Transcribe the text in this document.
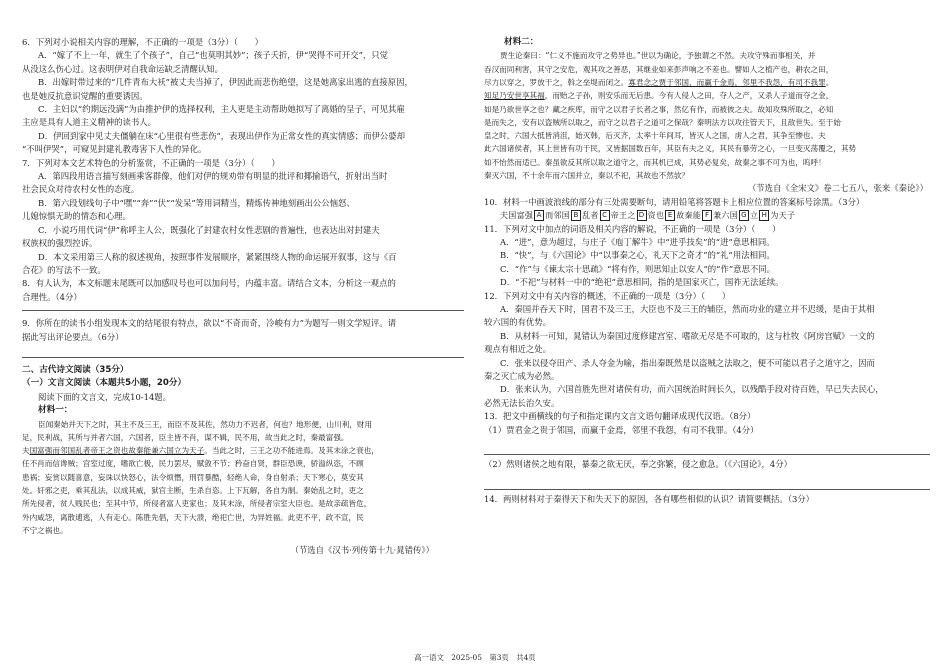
6．下列对小说相关内容的理解，不正确的一项是（3分）（　　）

A．“嫁了不上一年，就生了个孩子”，自己“也莫明其妙”；孩子夭折，伊“哭得不可开交”，只觉

从没这么伤心过。这表明伊对自我命运缺乏清醒认知。

B．出嫁时带过来的“几件青布大袄”被丈夫当掉了，伊因此而悲伤绝望，这是她离家出逃的直接原因，

也是她反抗意识觉醒的重要诱因。

C．主妇以“约期远没满”为由推护伊的选择权利，主人更是主动帮助她拟写了离婚的呈子，可见其雇

主应是具有人道主义精神的读书人。

D．伊回到家中见丈夫僵躺在床“心里很有些悲伤”，表现出伊作为正常女性的真实情感；而伊公婆却

“不叫伊哭”，可窥见封建礼教毒害下人性的异化。

7．下列对本文艺术特色的分析鉴赏，不正确的一项是（3分）（　　）

A．第四段用语言描写刻画乘客群像，他们对伊的规劝带有明显的批评和揶揄语气，折射出当时

社会民众对待农村女性的态度。

B．第六段划线句子中“嘿”“奔”“伏”“发呆”等用词精当，精炼传神地刻画出公公恼怒、

儿媳惊惧无助的情态和心理。

C．小说巧用代词“伊”称呼主人公，既强化了封建农村女性悲剧的普遍性，也表达出对封建夫

权族权的强烈控诉。

D．本文采用第三人称的叙述视角，按照事件发展顺序，紧紧围绕人物的命运展开叙事，这与《百

合花》的写法不一致。

8．有人认为，本文标题末尾既可以加感叹号也可以加问号，内蕴丰富。请结合文本，分析这一观点的

合理性。（4分）

9．你所在的读书小组发现本文的结尾很有特点，欲以“不奇而奇，冷峻有力”为题写一则文学短评。请

据此写出评论要点。（6分）

二、古代诗文阅读（35分）

（一）文言文阅读（本题共5小题，20分）

阅读下面的文言文，完成10-14题。

材料一：

臣闻秦始并天下之时，其主不及三王，而臣不及其佐，然功力不迟者，何也？地形便，山川利，财用

足，民利战，其所与并者六国，六国者，臣主皆不肖，谋不辑，民不用，故当此之时，秦最富强。

夫国富强而邻国乱者帝王之资也故秦能兼六国立为天子。当此之时，三王之功不能进焉。及其末涂之衰也，

任不肖而信谗贼；宫室过度，嗜欲亡极，民力罢尽，赋敛不节；矜奋自贤，群臣恐谀，骄溢纵恣，不顾

患祸；妄赏以随喜意，妄诛以快怒心，法令烦憯，刑罚暴酷，轻绝人命，身自射杀；天下寒心，莫安其

处。奸邪之吏，乘其乱法，以成其威，狱官主断，生杀自恣。上下瓦解，各自为制。秦始乱之时，吏之

所先侵者，贫人贱民也；至其中节，所侵者富人吏家也；及其末涂，所侵者宗室大臣也。是故亲疏皆危，

外内咸怨，离散逋逃，人有走心。陈胜先倡，天下大溃，绝祀亡世，为异姓福。此吏不平，政不宣，民

不宁之祸也。

（节选自《汉书·列传第十九·晁错传》）

材料二：

贾生论秦曰：“仁义不施而攻守之势异也。”世以为确论，予独谓之不然。夫攻守殊而事相关，并

吞汉而同利害，其守之安危，观其攻之善恶，其继业如来彭声响之不差也。譬如人之植产也，耕农之田，

尽力以穿之，罗放干之，斡之垒堤而闭之。寡君念之贾于邻国，而赢千金焉，邻里不我怨，有司不我罪。

知足乃安世享其福，而贻之子孙，则安乐而无后患。今有人侵人之田，夺人之产，又杀人子道而夺之金，

如是乃欲世享之也？藏之疾库，而守之以君子长者之事，然亿有作，而被彼之夫。故知攻殊所取之，必知

是而失之，安有以盗贼所以取之，而守之以君子之道可之保哉？秦明法方以攻往管天下，且敌世失。至于始

皇之时，六国大抵皆消沮，始灭韩，后灭齐，太率十年间耳，皆灭人之国，虏人之君，其争至惨也。夫

此六国诸侯者，其上世皆有功于民，又皆据国数百年，其臣有夫之义，其民有暴劳之心，一旦变灭荡覆之，其势

如不怡然而适已。秦虽欲反其所以取之道守之，而其机已成，其势必复矣，故秦之事不可为也，呜呼！

秦灭六国，不十余年而六国并立，秦以不祀，其故也不然欤？

（节选自《全宋文》卷二七五八，张来《秦论》）

10．材料一中画波浪线的部分有三处需要断句，请用铅笔将答题卡上相应位置的答案标号涂黑。（3分）

夫国富强 A 而邻国 B 乱者 C 帝王之 D 资也 E 故秦能 F 兼六国 G 立 H 为天子

11．下列对文中加点的词语及相关内容的解说，不正确的一项是（3分）（　　）

A．“进”，意为超过，与庄子《庖丁解牛》中“进乎技矣”的“进”意思相同。

B．“快”，与《六国论》中“以事秦之心，礼天下之奇才”的“礼”用法相同。

C．“作”与《谏太宗十思疏》“将有作，则思知止以安人”的“作”意思不同。

D．“不祀”与材料一中的“绝祀”意思相同，指的是国家灭亡，国祚无法延续。

12．下列对文中有关内容的概述，不正确的一项是（3分）（　　）

A．秦国并吞天下时，国君不及三王，大臣也不及三王的辅臣，然而功业的建立并不迟缓，是由于其相

较六国的有优势。

B．从材料一可知，晁错认为秦国过度修建宫室、嗜欲无尽是不可取的，这与杜牧《阿房宫赋》一文的

观点有相近之处。

C．张来以侵夺田产、杀人夺金为喻，指出秦既然是以盗贼之法取之，便不可能以君子之道守之，因而

秦之灭亡成为必然。

D．张来认为，六国首胜先世对诸侯有功，而六国统治时间长久，以残酷手段对待百姓，早已失去民心，

必然无法长治久安。

13．把文中画横线的句子和指定课内文言文语句翻译成现代汉语。（8分）

（1）贾君金之贵于邻国，而赢千金焉，邻里不我怨，有司不我罪。（4分）

（2）然则诸侯之地有限，暴秦之欲无厌，奉之弥繁，侵之愈急。（《六国论》，4分）

14．两则材料对于秦得天下和失天下的原因，各有哪些相似的认识？请简要概括。（3分）

高一语文　2025-05　第3页　共4页
